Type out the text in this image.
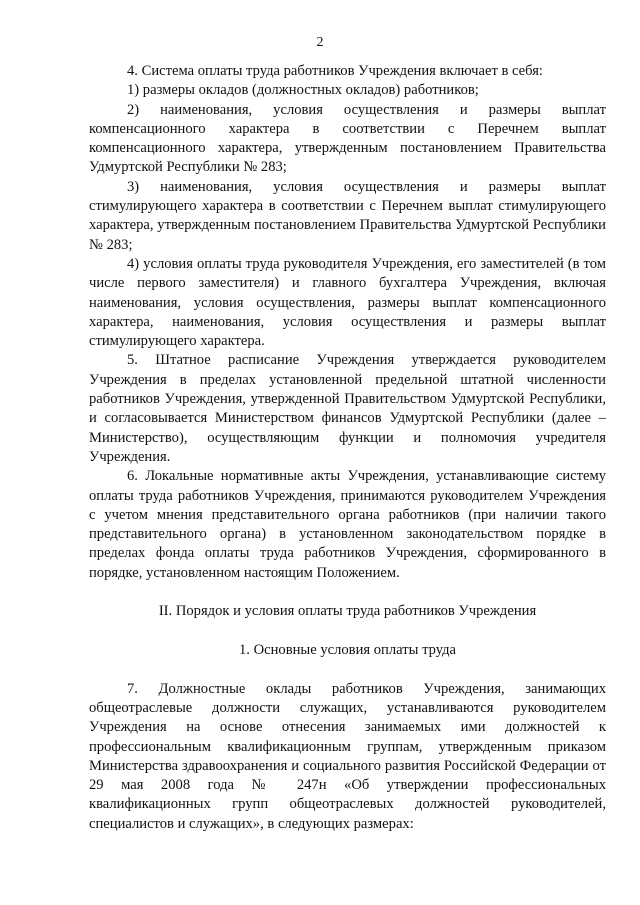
2

4. Система оплаты труда работников Учреждения включает в себя:

1) размеры окладов (должностных окладов) работников;

2) наименования, условия осуществления и размеры выплат компенсационного характера в соответствии с Перечнем выплат компенсационного характера, утвержденным постановлением Правительства Удмуртской Республики № 283;

3) наименования, условия осуществления и размеры выплат стимулирующего характера в соответствии с Перечнем выплат стимулирующего характера, утвержденным постановлением Правительства Удмуртской Республики № 283;

4) условия оплаты труда руководителя Учреждения, его заместителей (в том числе первого заместителя) и главного бухгалтера Учреждения, включая наименования, условия осуществления, размеры выплат компенсационного характера, наименования, условия осуществления и размеры выплат стимулирующего характера.

5. Штатное расписание Учреждения утверждается руководителем Учреждения в пределах установленной предельной штатной численности работников Учреждения, утвержденной Правительством Удмуртской Республики, и согласовывается Министерством финансов Удмуртской Республики (далее – Министерство), осуществляющим функции и полномочия учредителя Учреждения.

6. Локальные нормативные акты Учреждения, устанавливающие систему оплаты труда работников Учреждения, принимаются руководителем Учреждения с учетом мнения представительного органа работников (при наличии такого представительного органа) в установленном законодательством порядке в пределах фонда оплаты труда работников Учреждения, сформированного в порядке, установленном настоящим Положением.

II. Порядок и условия оплаты труда работников Учреждения

1. Основные условия оплаты труда

7. Должностные оклады работников Учреждения, занимающих общеотраслевые должности служащих, устанавливаются руководителем Учреждения на основе отнесения занимаемых ими должностей к профессиональным квалификационным группам, утвержденным приказом Министерства здравоохранения и социального развития Российской Федерации от 29 мая 2008 года № 247н «Об утверждении профессиональных квалификационных групп общеотраслевых должностей руководителей, специалистов и служащих», в следующих размерах:
